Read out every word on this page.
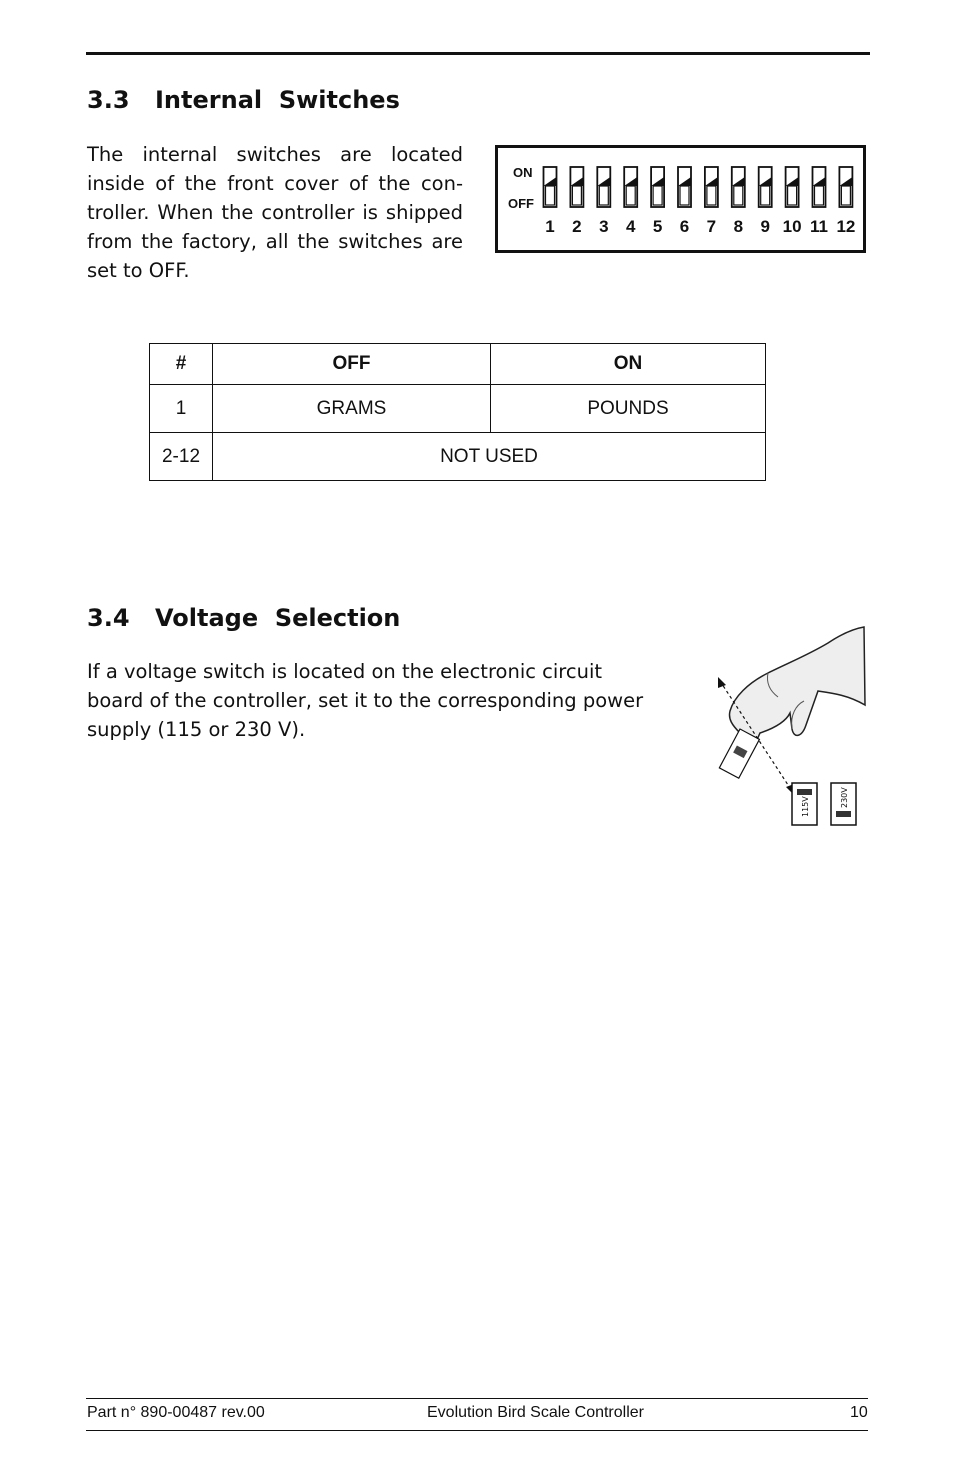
3.3 Internal  Switches

The internal switches are located inside of the front cover of the con-troller. When the controller is shipped from the factory, all the switches are set to OFF.

ON
OFF
1 2 3 4 5 6 7 8 9 10 11 12
#	OFF	ON
1	GRAMS	POUNDS
2-12	NOT USED	
3.4 Voltage  Selection
If a voltage switch is located on the electronic circuit
board of the controller, set it to the corresponding power
supply (115 or 230 V).
115V	230V
Part n° 890-00487 rev.00	Evolution Bird Scale Controller	10
